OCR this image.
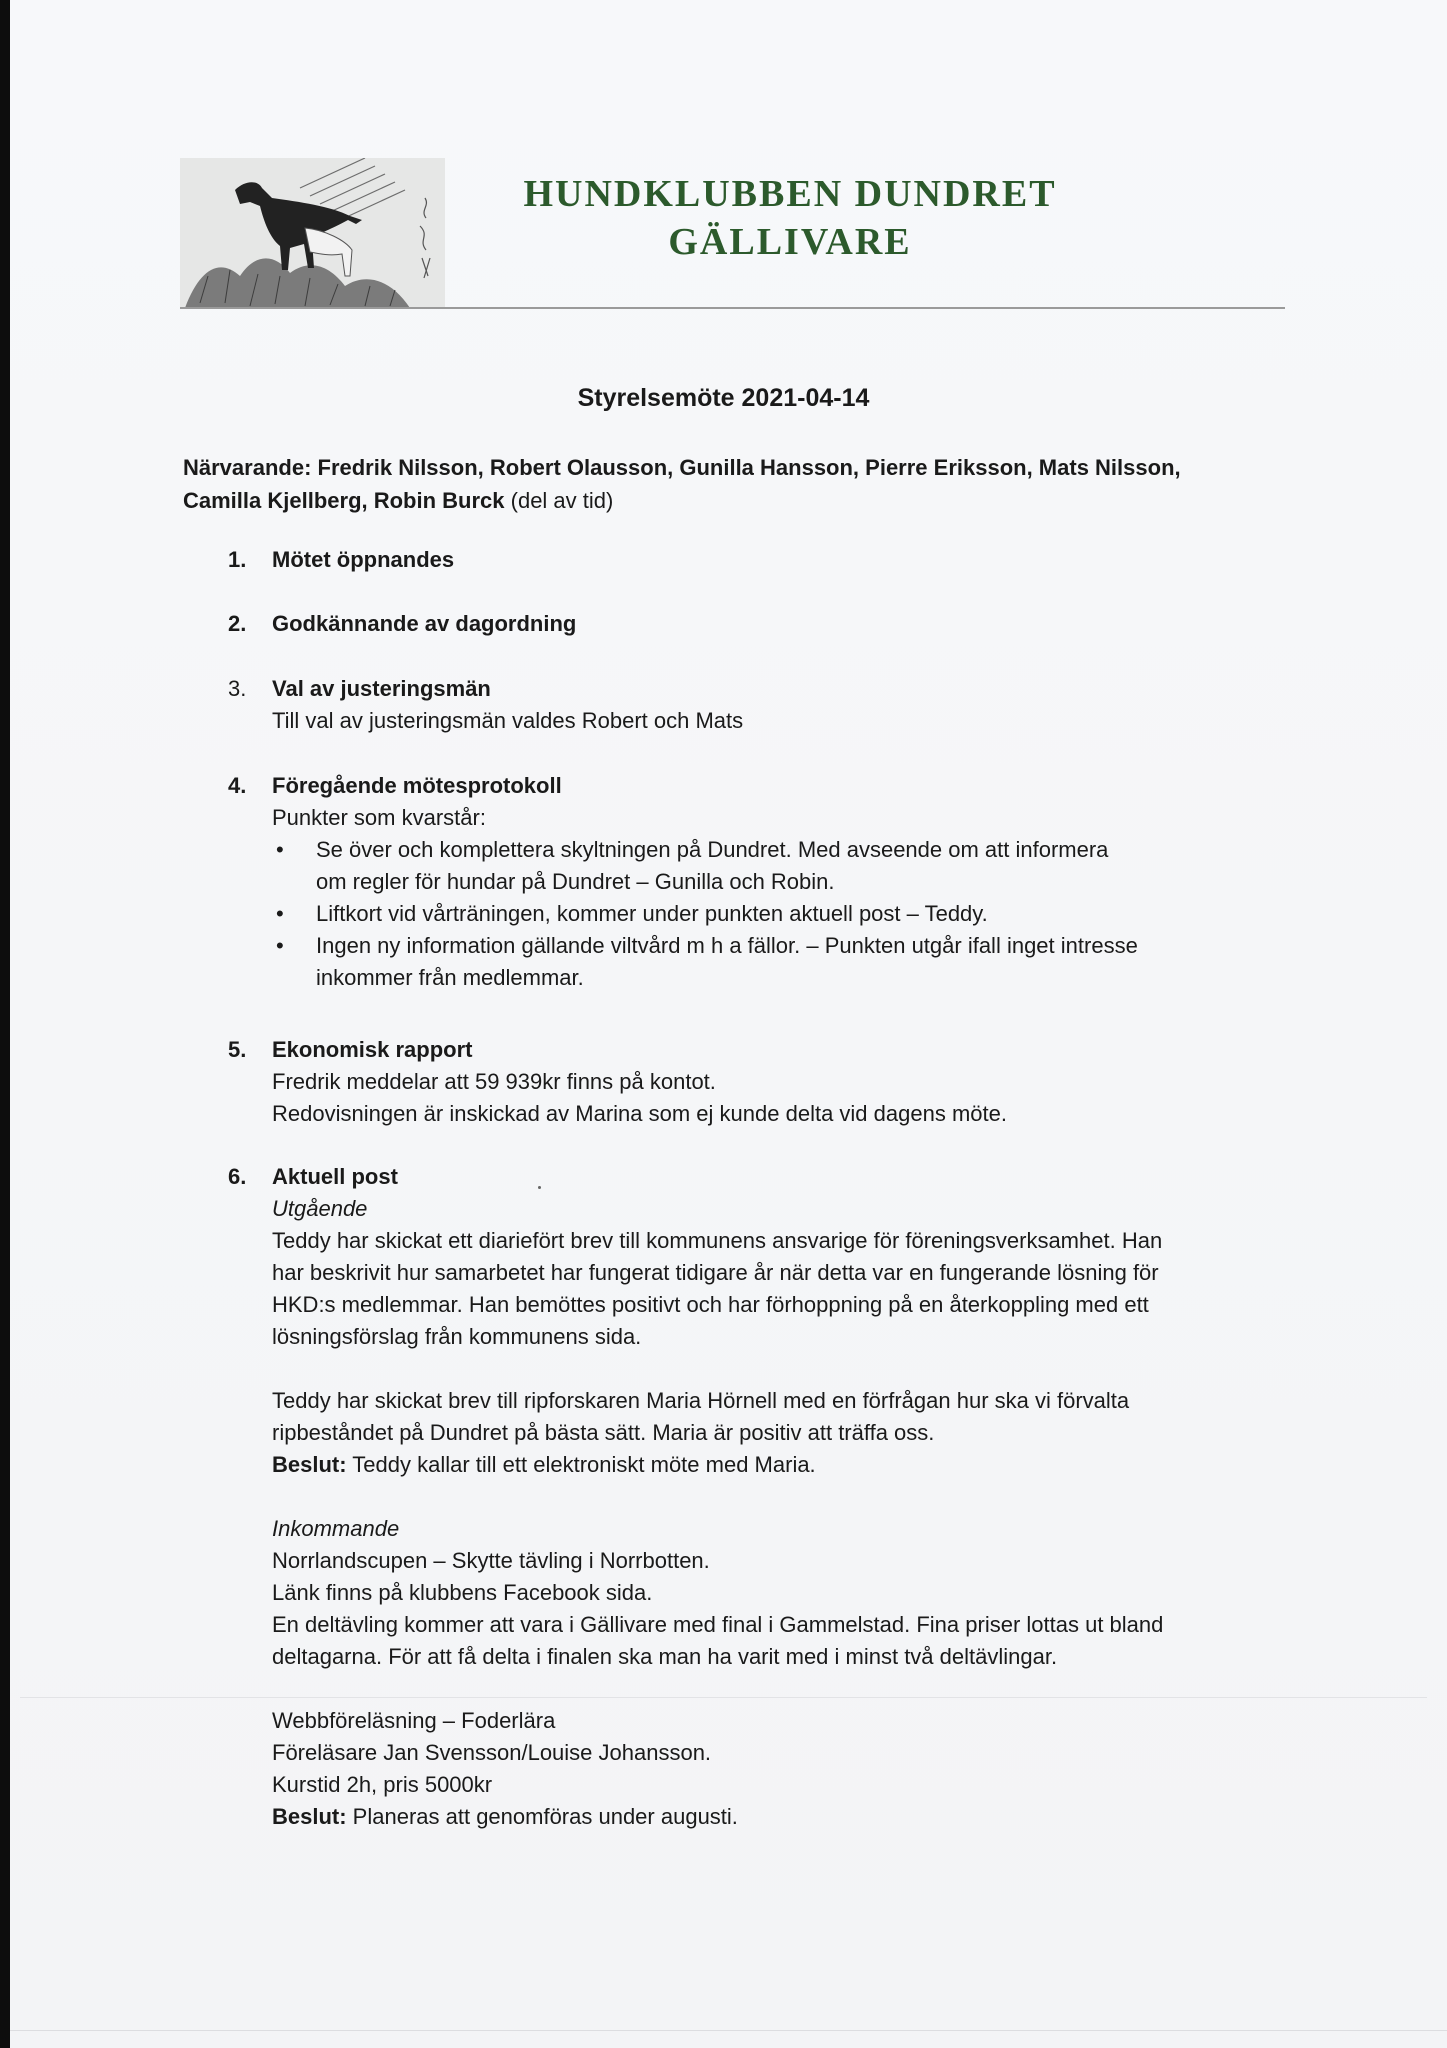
HUNDKLUBBEN DUNDRET
GÄLLIVARE
Styrelsemöte 2021-04-14
Närvarande: Fredrik Nilsson, Robert Olausson, Gunilla Hansson, Pierre Eriksson, Mats Nilsson,
Camilla Kjellberg, Robin Burck (del av tid)
1.	Mötet öppnandes
2.	Godkännande av dagordning
3.	Val av justeringsmän
Till val av justeringsmän valdes Robert och Mats
4.	Föregående mötesprotokoll
Punkter som kvarstår:
• Se över och komplettera skyltningen på Dundret. Med avseende om att informera
om regler för hundar på Dundret – Gunilla och Robin.
• Liftkort vid vårträningen, kommer under punkten aktuell post – Teddy.
• Ingen ny information gällande viltvård m h a fällor. – Punkten utgår ifall inget intresse
inkommer från medlemmar.
5.	Ekonomisk rapport
Fredrik meddelar att 59 939kr finns på kontot.
Redovisningen är inskickad av Marina som ej kunde delta vid dagens möte.
6.	Aktuell post
Utgående
Teddy har skickat ett diariefört brev till kommunens ansvarige för föreningsverksamhet. Han
har beskrivit hur samarbetet har fungerat tidigare år när detta var en fungerande lösning för
HKD:s medlemmar. Han bemöttes positivt och har förhoppning på en återkoppling med ett
lösningsförslag från kommunens sida.
Teddy har skickat brev till ripforskaren Maria Hörnell med en förfrågan hur ska vi förvalta
ripbeståndet på Dundret på bästa sätt. Maria är positiv att träffa oss.
Beslut: Teddy kallar till ett elektroniskt möte med Maria.
Inkommande
Norrlandscupen – Skytte tävling i Norrbotten.
Länk finns på klubbens Facebook sida.
En deltävling kommer att vara i Gällivare med final i Gammelstad. Fina priser lottas ut bland
deltagarna. För att få delta i finalen ska man ha varit med i minst två deltävlingar.
Webbföreläsning – Foderlära
Föreläsare Jan Svensson/Louise Johansson.
Kurstid 2h, pris 5000kr
Beslut: Planeras att genomföras under augusti.
